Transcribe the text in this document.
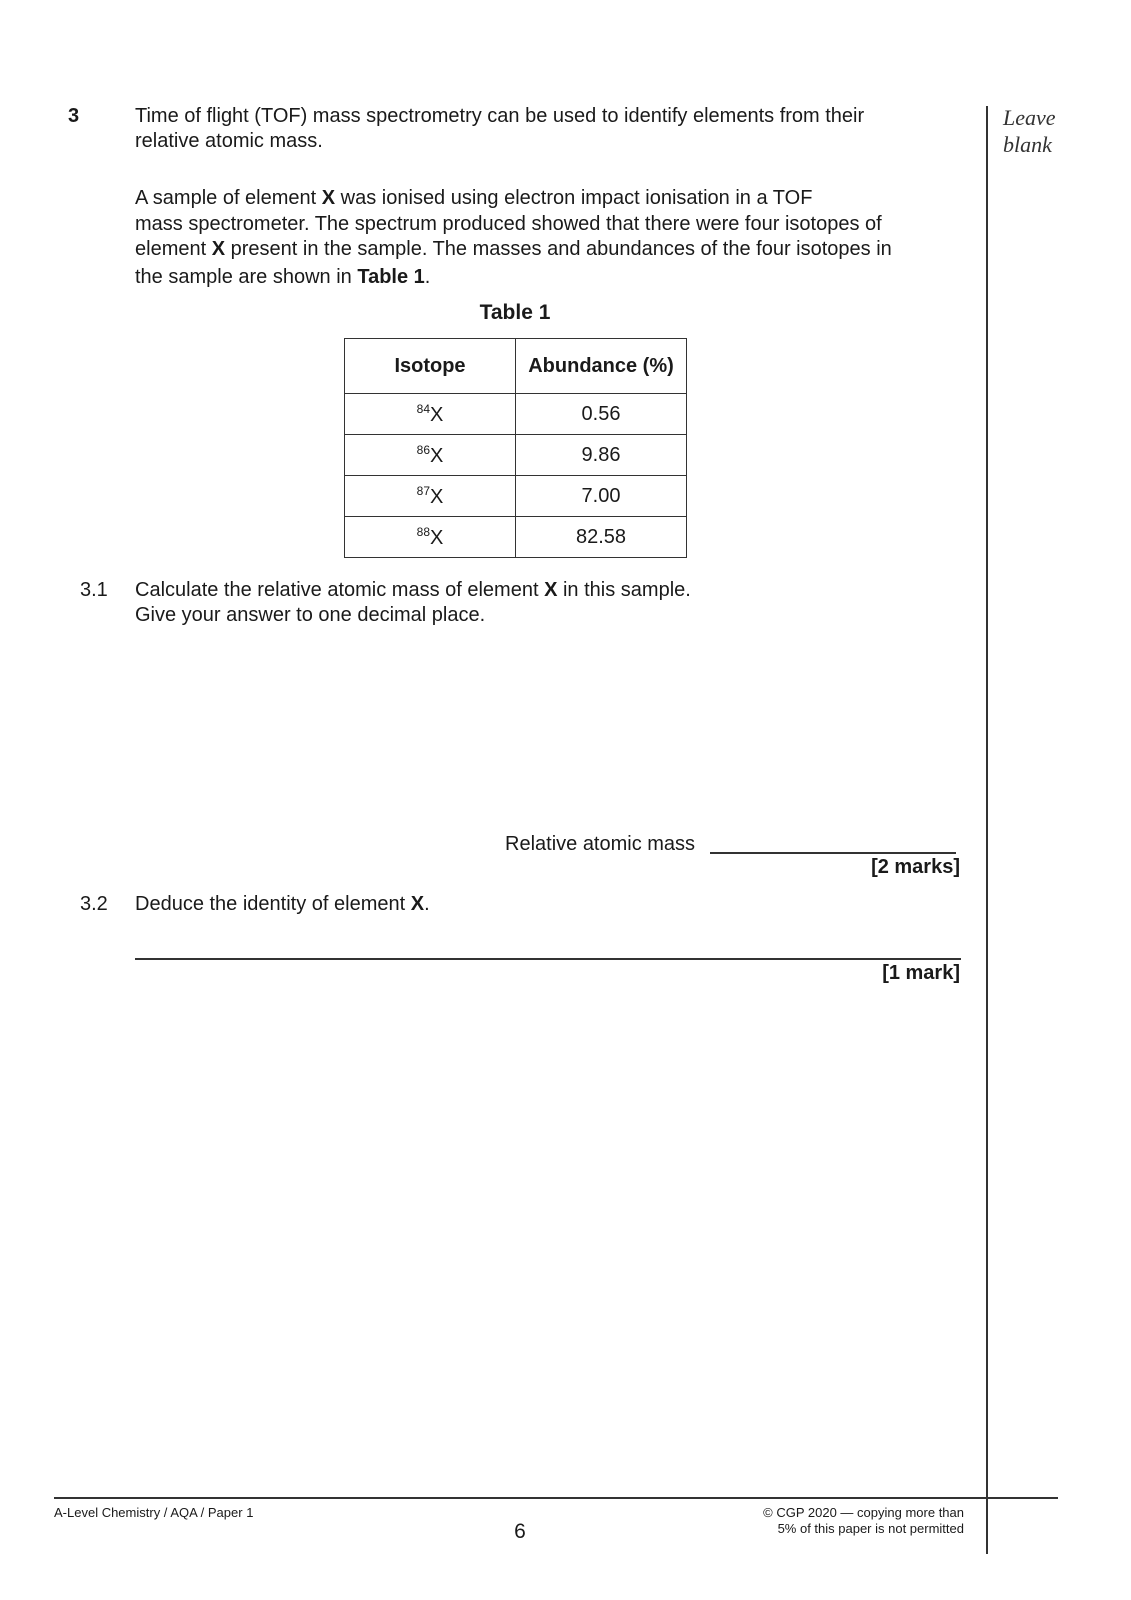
Leave
blank
3	Time of flight (TOF) mass spectrometry can be used to identify elements from their
relative atomic mass.
A sample of element X was ionised using electron impact ionisation in a TOF
mass spectrometer. The spectrum produced showed that there were four isotopes of
element X present in the sample. The masses and abundances of the four isotopes in
the sample are shown in Table 1.
Table 1
Isotope	Abundance (%)
$^{84}$X	0.56
$^{86}$X	9.86
$^{87}$X	7.00
$^{88}$X	82.58
3.1 Calculate the relative atomic mass of element X in this sample.
Give your answer to one decimal place.
Relative atomic mass
[2 marks]
3.2 Deduce the identity of element X.
[1 mark]
A-Level Chemistry / AQA / Paper 1
6
© CGP 2020 — copying more than
5% of this paper is not permitted
